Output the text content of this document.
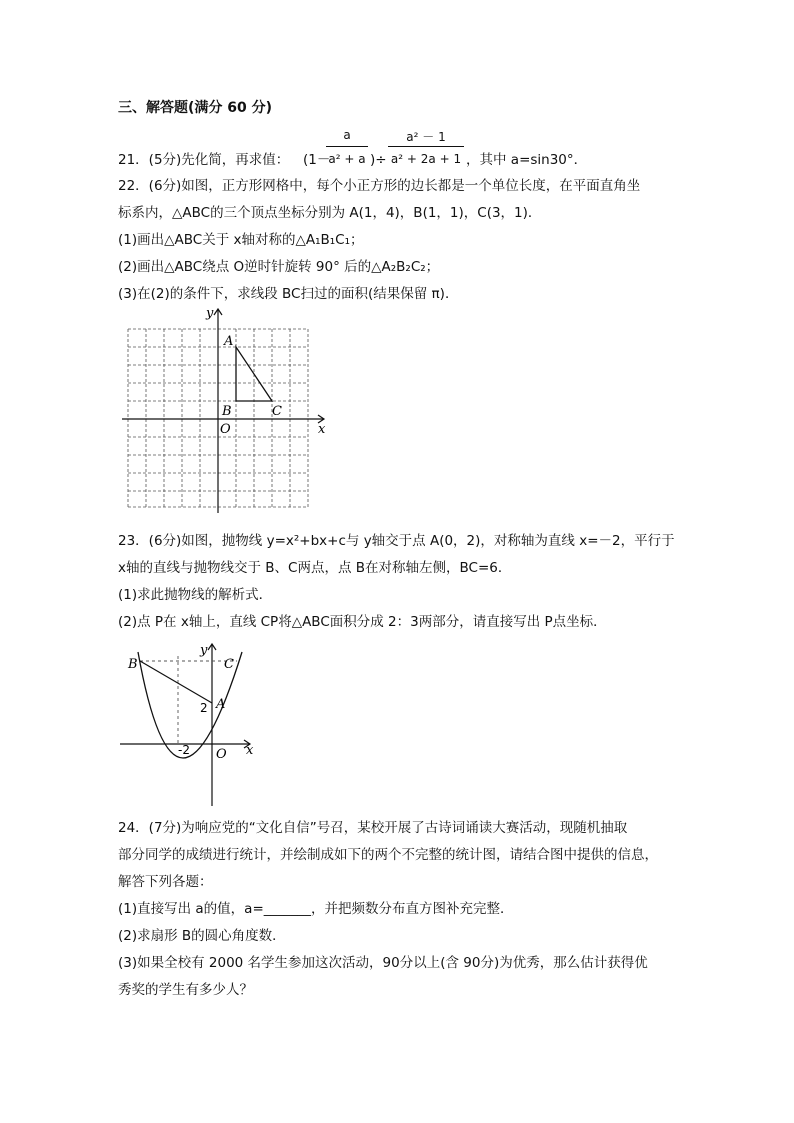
三、解答题(满分 60 分)
21．(5分)先化简，再求值： (1－
a
a² + a )÷
a² － 1
a² + 2a + 1 ，其中 a=sin30°．
22．(6分)如图，正方形网格中，每个小正方形的边长都是一个单位长度，在平面直角坐
标系内，△ABC的三个顶点坐标分别为 A(1，4)，B(1，1)，C(3，1)．
(1)画出△ABC关于 x轴对称的△A₁B₁C₁；
(2)画出△ABC绕点 O逆时针旋转 90° 后的△A₂B₂C₂；
(3)在(2)的条件下，求线段 BC扫过的面积(结果保留 π)．
y
x
O
A
B	C
23．(6分)如图，抛物线 y=x²+bx+c与 y轴交于点 A(0，2)，对称轴为直线 x=－2，平行于
x轴的直线与抛物线交于 B、C两点，点 B在对称轴左侧，BC=6．
(1)求此抛物线的解析式．
(2)点 P在 x轴上，直线 CP将△ABC面积分成 2：3两部分，请直接写出 P点坐标．
B
y
C
2 A
-2 O x
24．(7分)为响应党的“文化自信”号召，某校开展了古诗词诵读大赛活动，现随机抽取
部分同学的成绩进行统计，并绘制成如下的两个不完整的统计图，请结合图中提供的信息，
解答下列各题：
(1)直接写出 a的值，a=_______，并把频数分布直方图补充完整．
(2)求扇形 B的圆心角度数．
(3)如果全校有 2000 名学生参加这次活动，90分以上(含 90分)为优秀，那么估计获得优
秀奖的学生有多少人？
